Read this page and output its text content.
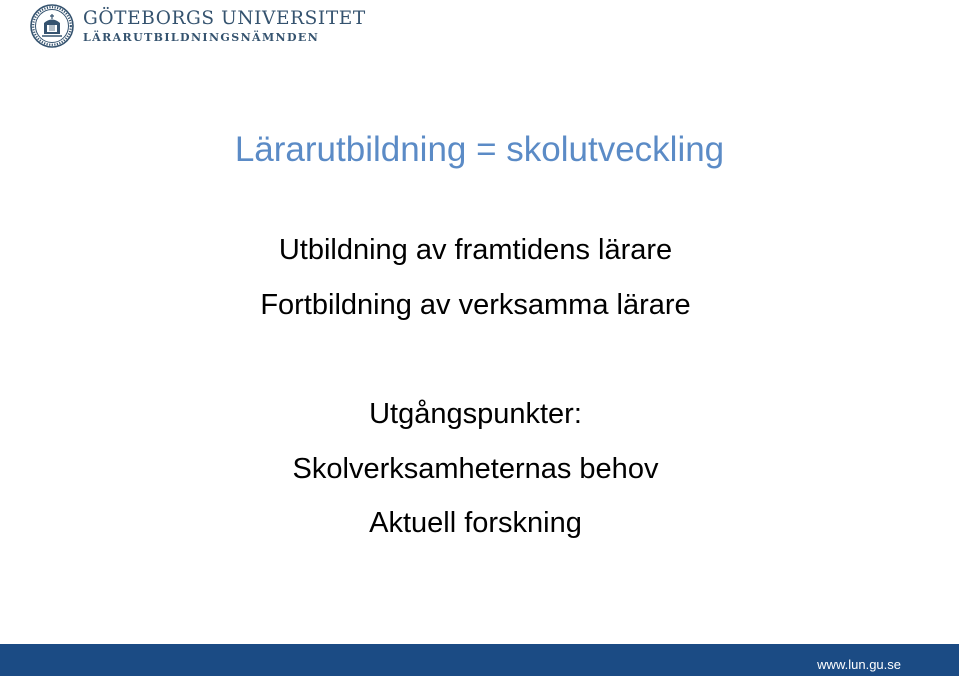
GÖTEBORGS UNIVERSITET
LÄRARUTBILDNINGSNÄMNDEN
Lärarutbildning = skolutveckling
Utbildning av framtidens lärare
Fortbildning av verksamma lärare
Utgångspunkter:
Skolverksamheternas behov
Aktuell forskning
www.lun.gu.se
